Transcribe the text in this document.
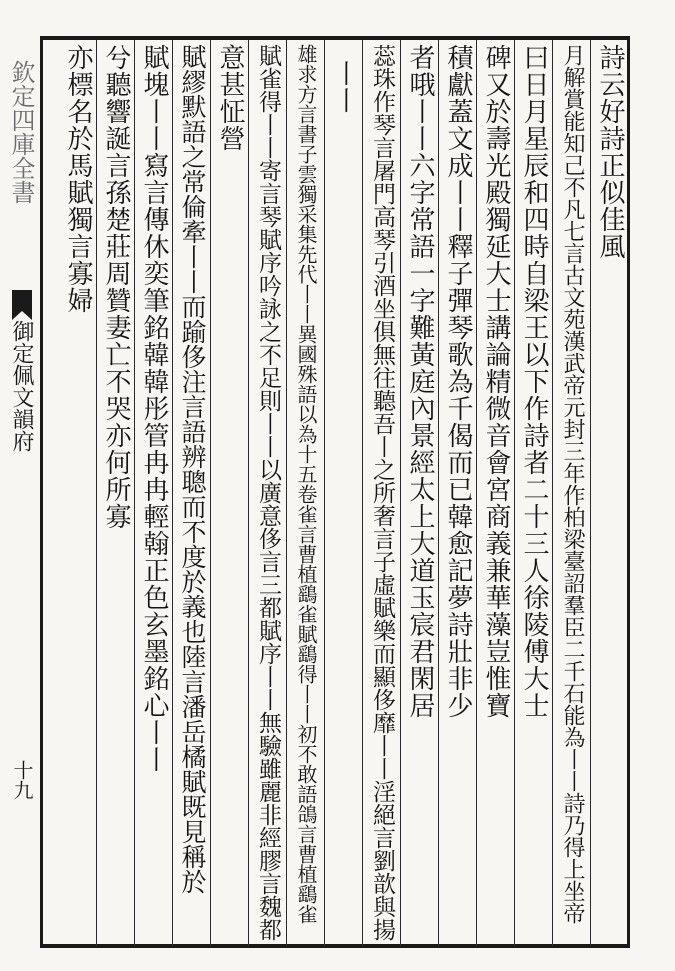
欽定四庫全書
御定佩文韻府
十九
詩云好詩正似佳風
月解賞能知己不凡七言古文苑漢武帝元封三年作柏梁臺詔羣臣二千石能為丨丨詩乃得上坐帝
曰日月星辰和四時自梁王以下作詩者二十三人徐陵傅大士
碑又於壽光殿獨延大士講論精微音會宮商義兼華藻豈惟寶
積獻蓋文成丨丨釋子彈琴歌為千偈而已韓愈記夢詩壯非少
者哦丨丨六字常語一字難黃庭內景經太上大道玉宸君閑居
蕊珠作琴言屠門高琴引酒坐俱無往聽吾丨之所奢言子虛賦樂而顯侈靡丨丨淫絕言劉歆與揚
丨丨
雄求方言書子雲獨采集先代丨丨異國殊語以為十五卷雀言曹植鷂雀賦鷂得丨丨初不敢語鴿言曹植鷂雀
賦雀得丨丨寄言琴賦序吟詠之不足則丨丨以廣意侈言三都賦序丨丨無驗雖麗非經膠言魏都
意甚怔營
賦繆默語之常倫牽丨丨而踰侈注言語辨聰而不度於義也陸言潘岳橘賦既見稱於
賦塊丨丨寫言傳休奕筆銘韓韓彤管冉冉輕翰正色玄墨銘心丨丨
兮聽響誕言孫楚莊周贊妻亡不哭亦何所寡
亦標名於馬賦獨言寡婦
